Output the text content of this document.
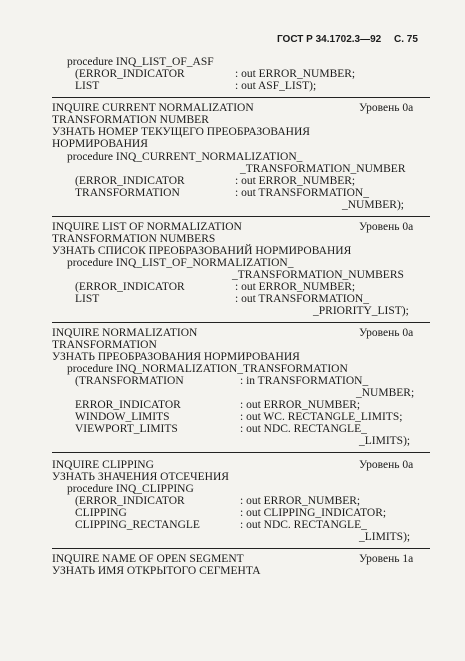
ГОСТ Р 34.1702.3—92 С. 75
procedure INQ_LIST_OF_ASF
(ERROR_INDICATOR	: out ERROR_NUMBER;
LIST	: out ASF_LIST);
INQUIRE CURRENT NORMALIZATION	Уровень 0а
TRANSFORMATION NUMBER
УЗНАТЬ НОМЕР ТЕКУЩЕГО ПРЕОБРАЗОВАНИЯ
НОРМИРОВАНИЯ
procedure INQ_CURRENT_NORMALIZATION_
_TRANSFORMATION_NUMBER
(ERROR_INDICATOR	: out ERROR_NUMBER;
TRANSFORMATION	: out TRANSFORMATION_
_NUMBER);
INQUIRE LIST OF NORMALIZATION	Уровень 0а
TRANSFORMATION NUMBERS
УЗНАТЬ СПИСОК ПРЕОБРАЗОВАНИЙ НОРМИРОВАНИЯ
procedure INQ_LIST_OF_NORMALIZATION_
_TRANSFORMATION_NUMBERS
(ERROR_INDICATOR	: out ERROR_NUMBER;
LIST	: out TRANSFORMATION_
_PRIORITY_LIST);
INQUIRE NORMALIZATION	Уровень 0а
TRANSFORMATION
УЗНАТЬ ПРЕОБРАЗОВАНИЯ НОРМИРОВАНИЯ
procedure INQ_NORMALIZATION_TRANSFORMATION
(TRANSFORMATION	: in TRANSFORMATION_
_NUMBER;
ERROR_INDICATOR	: out ERROR_NUMBER;
WINDOW_LIMITS	: out WC. RECTANGLE_LIMITS;
VIEWPORT_LIMITS	: out NDC. RECTANGLE_
_LIMITS);
INQUIRE CLIPPING	Уровень 0а
УЗНАТЬ ЗНАЧЕНИЯ ОТСЕЧЕНИЯ
procedure INQ_CLIPPING
(ERROR_INDICATOR	: out ERROR_NUMBER;
CLIPPING	: out CLIPPING_INDICATOR;
CLIPPING_RECTANGLE	: out NDC. RECTANGLE_
_LIMITS);
INQUIRE NAME OF OPEN SEGMENT	Уровень 1а
УЗНАТЬ ИМЯ ОТКРЫТОГО СЕГМЕНТА
